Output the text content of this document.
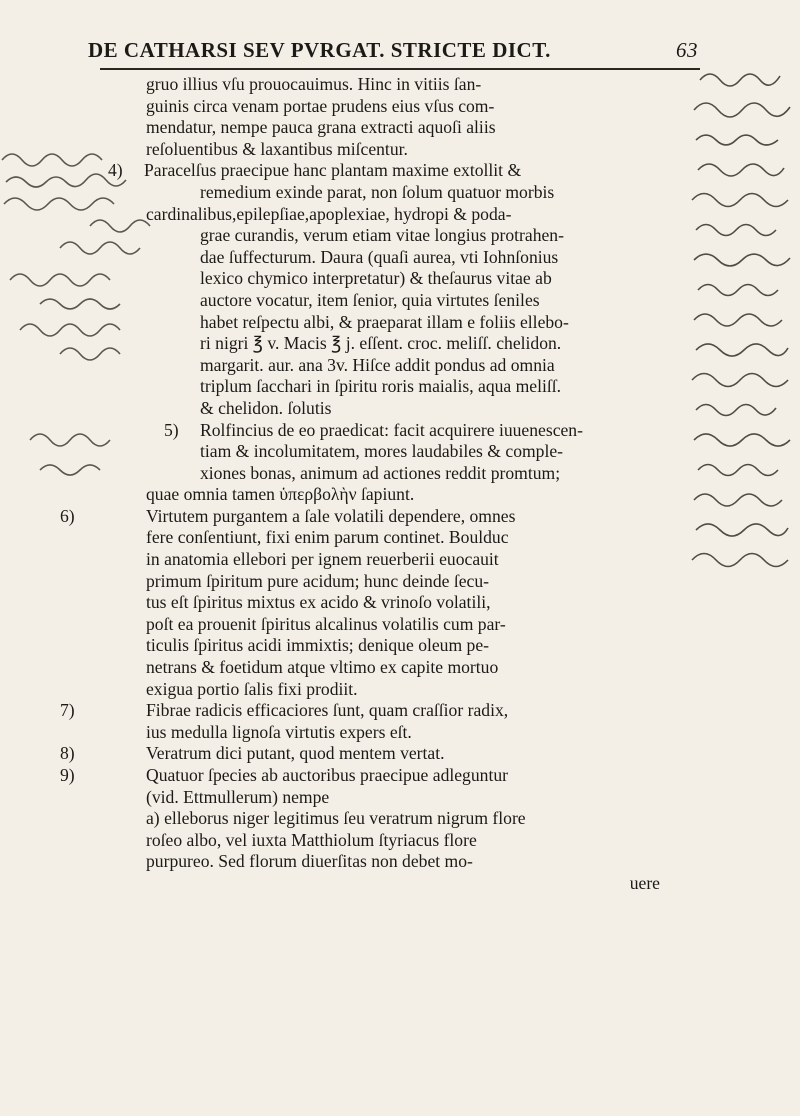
DE CATHARSI SEV PVRGAT. STRICTE DICT.	63
gruo illius vſu prouocauimus. Hinc in vitiis ſan-
guinis circa venam portae prudens eius vſus com-
mendatur, nempe pauca grana extracti aquoſi aliis
reſoluentibus & laxantibus miſcentur.
4) Paracelſus praecipue hanc plantam maxime extollit &
remedium exinde parat, non ſolum quatuor morbis
cardinalibus,epilepſiae,apoplexiae, hydropi & poda-
grae curandis, verum etiam vitae longius protrahen-
dae ſuffecturum. Daura (quaſi aurea, vti Iohnſonius
lexico chymico interpretatur) & theſaurus vitae ab
auctore vocatur, item ſenior, quia virtutes ſeniles
habet reſpectu albi, & praeparat illam e foliis ellebo-
ri nigri ℥ v. Macis ℥ j. eſſent. croc. meliſſ. chelidon.
margarit. aur. ana 3v. Hiſce addit pondus ad omnia
triplum ſacchari in ſpiritu roris maialis, aqua meliſſ.
& chelidon. ſolutis
5) Rolfincius de eo praedicat: facit acquirere iuuenescen-
tiam & incolumitatem, mores laudabiles & comple-
xiones bonas, animum ad actiones reddit promtum;
quae omnia tamen ὑπερβολὴν ſapiunt.
6)	Virtutem purgantem a ſale volatili dependere, omnes
fere conſentiunt, fixi enim parum continet. Boulduc
in anatomia ellebori per ignem reuerberii euocauit
primum ſpiritum pure acidum; hunc deinde ſecu-
tus eſt ſpiritus mixtus ex acido & vrinoſo volatili,
poſt ea prouenit ſpiritus alcalinus volatilis cum par-
ticulis ſpiritus acidi immixtis; denique oleum pe-
netrans & foetidum atque vltimo ex capite mortuo
exigua portio ſalis fixi prodiit.
7)	Fibrae radicis efficaciores ſunt, quam craſſior radix,
ius medulla lignoſa virtutis expers eſt.
8)	Veratrum dici putant, quod mentem vertat.
9)	Quatuor ſpecies ab auctoribus praecipue adleguntur
(vid. Ettmullerum) nempe
a) elleborus niger legitimus ſeu veratrum nigrum flore
roſeo albo, vel iuxta Matthiolum ſtyriacus flore
purpureo. Sed florum diuerſitas non debet mo-
uere
